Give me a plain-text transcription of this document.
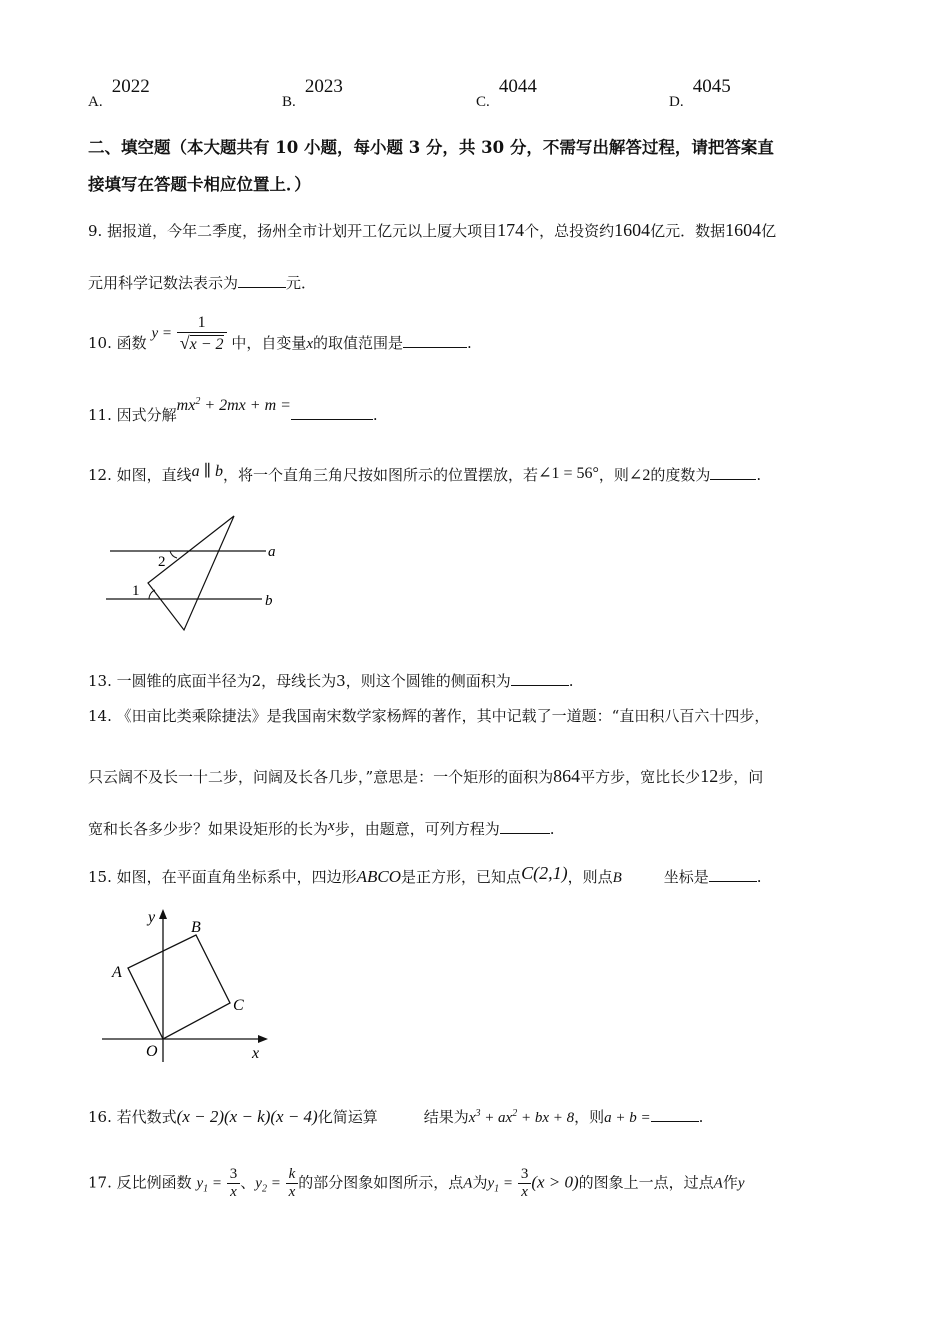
A. 2022
B. 2023
C. 4044
D. 4045
二、填空题（本大题共有 10 小题，每小题 3 分，共 30 分，不需写出解答过程，请把答案直
接填写在答题卡相应位置上．）
9. 据报道，今年二季度，扬州全市计划开工亿元以上厦大项目174个，总投资约1604亿元．数据1604亿
元用科学记数法表示为	元．
10. 函数 $y = \frac{1}{√x - 2}$ 中，自变量x的取值范围是	.
11. 因式分解$mx^2 + 2mx + m$ =.
12. 如图，直线a ∥ b，将一个直角三角尺按如图所示的位置摆放，若∠1 = 56°，则∠2的度数为	.
a
b
2
1
13. 一圆锥的底面半径为2，母线长为3，则这个圆锥的侧面积为	.
14. 《田亩比类乘除捷法》是我国南宋数学家杨辉的著作，其中记载了一道题：“直田积八百六十四步，
只云阔不及长一十二步，问阔及长各几步，”意思是：一个矩形的面积为864平方步，宽比长少12步，问
宽和长各多少步？如果设矩形的长为x步，由题意，可列方程为	.
15. 如图，在平面直角坐标系中，四边形ABCO是正方形，已知点C(2,1)，则点B	坐标是	.
y
x
O
A
B
C
16. 若代数式(x − 2)(x − k)(x − 4)化简运算	结果为$x^3 + ax^2$ + bx + 8，则a + b =	.
17. 反比例函数 $y_1 = \frac{3}{x}$ 、$y_2 = \frac{k}{x}$ 的部分图象如图所示，点A为$y_1 = \frac{3}{x} (x > 0)$的图象上一点，过点A作y
